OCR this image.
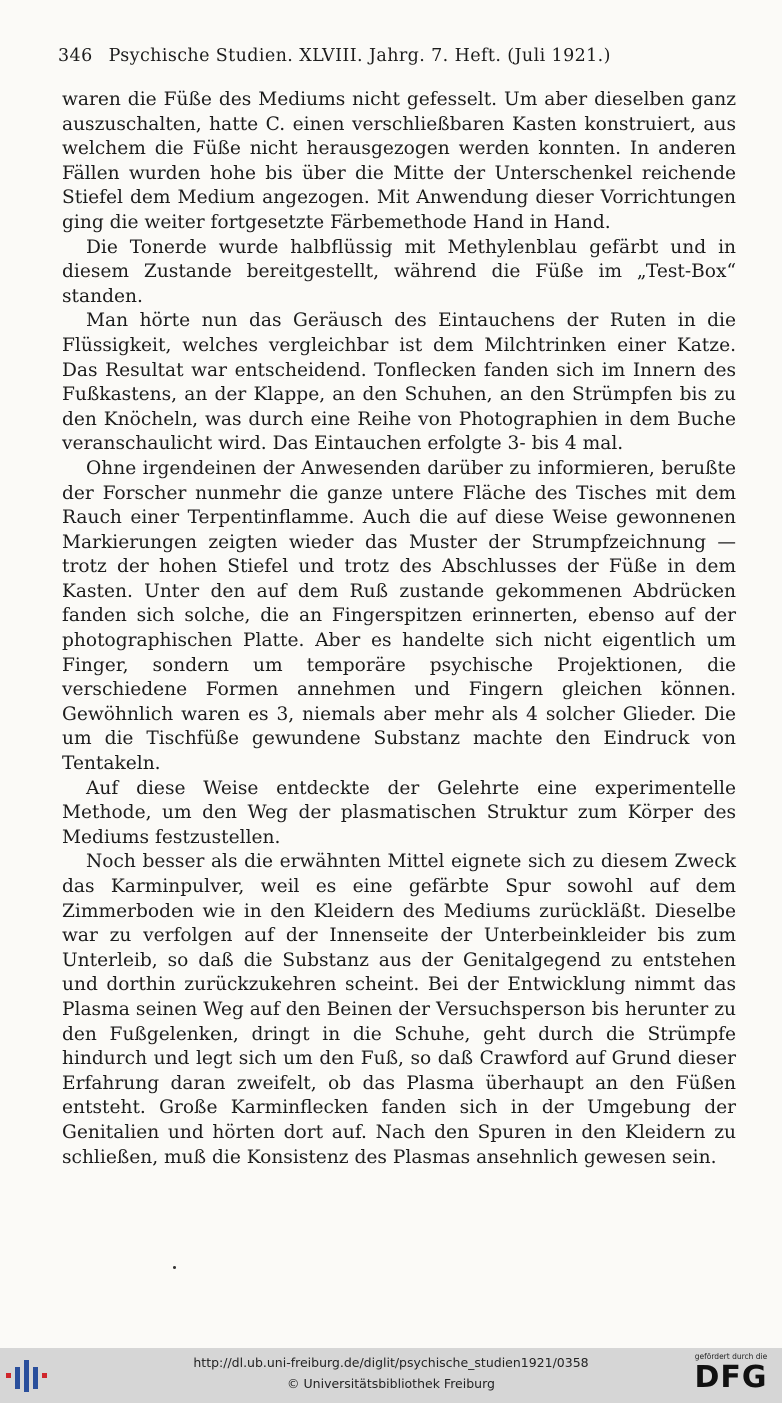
346 Psychische Studien. XLVIII. Jahrg. 7. Heft. (Juli 1921.)

waren die Füße des Mediums nicht gefesselt. Um aber dieselben ganz auszuschalten, hatte C. einen verschließbaren Kasten konstruiert, aus welchem die Füße nicht herausgezogen werden konnten. In anderen Fällen wurden hohe bis über die Mitte der Unterschenkel reichende Stiefel dem Medium angezogen. Mit Anwendung dieser Vorrichtungen ging die weiter fortgesetzte Färbemethode Hand in Hand.

Die Tonerde wurde halbflüssig mit Methylenblau gefärbt und in diesem Zustande bereitgestellt, während die Füße im „Test-Box“ standen.

Man hörte nun das Geräusch des Eintauchens der Ruten in die Flüssigkeit, welches vergleichbar ist dem Milchtrinken einer Katze. Das Resultat war entscheidend. Tonflecken fanden sich im Innern des Fußkastens, an der Klappe, an den Schuhen, an den Strümpfen bis zu den Knöcheln, was durch eine Reihe von Photographien in dem Buche veranschaulicht wird. Das Eintauchen erfolgte 3- bis 4 mal.

Ohne irgendeinen der Anwesenden darüber zu informieren, berußte der Forscher nunmehr die ganze untere Fläche des Tisches mit dem Rauch einer Terpentinflamme. Auch die auf diese Weise gewonnenen Markierungen zeigten wieder das Muster der Strumpfzeichnung — trotz der hohen Stiefel und trotz des Abschlusses der Füße in dem Kasten. Unter den auf dem Ruß zustande gekommenen Abdrücken fanden sich solche, die an Fingerspitzen erinnerten, ebenso auf der photographischen Platte. Aber es handelte sich nicht eigentlich um Finger, sondern um temporäre psychische Projektionen, die verschiedene Formen annehmen und Fingern gleichen können. Gewöhnlich waren es 3, niemals aber mehr als 4 solcher Glieder. Die um die Tischfüße gewundene Substanz machte den Eindruck von Tentakeln.

Auf diese Weise entdeckte der Gelehrte eine experimentelle Methode, um den Weg der plasmatischen Struktur zum Körper des Mediums festzustellen.

Noch besser als die erwähnten Mittel eignete sich zu diesem Zweck das Karminpulver, weil es eine gefärbte Spur sowohl auf dem Zimmerboden wie in den Kleidern des Mediums zurückläßt. Dieselbe war zu verfolgen auf der Innenseite der Unterbeinkleider bis zum Unterleib, so daß die Substanz aus der Genitalgegend zu entstehen und dorthin zurückzukehren scheint. Bei der Entwicklung nimmt das Plasma seinen Weg auf den Beinen der Versuchsperson bis herunter zu den Fußgelenken, dringt in die Schuhe, geht durch die Strümpfe hindurch und legt sich um den Fuß, so daß Crawford auf Grund dieser Erfahrung daran zweifelt, ob das Plasma überhaupt an den Füßen entsteht. Große Karminflecken fanden sich in der Umgebung der Genitalien und hörten dort auf. Nach den Spuren in den Kleidern zu schließen, muß die Konsistenz des Plasmas ansehnlich gewesen sein.

http://dl.ub.uni-freiburg.de/diglit/psychische_studien1921/0358
© Universitätsbibliothek Freiburg
gefördert durch die
DFG
